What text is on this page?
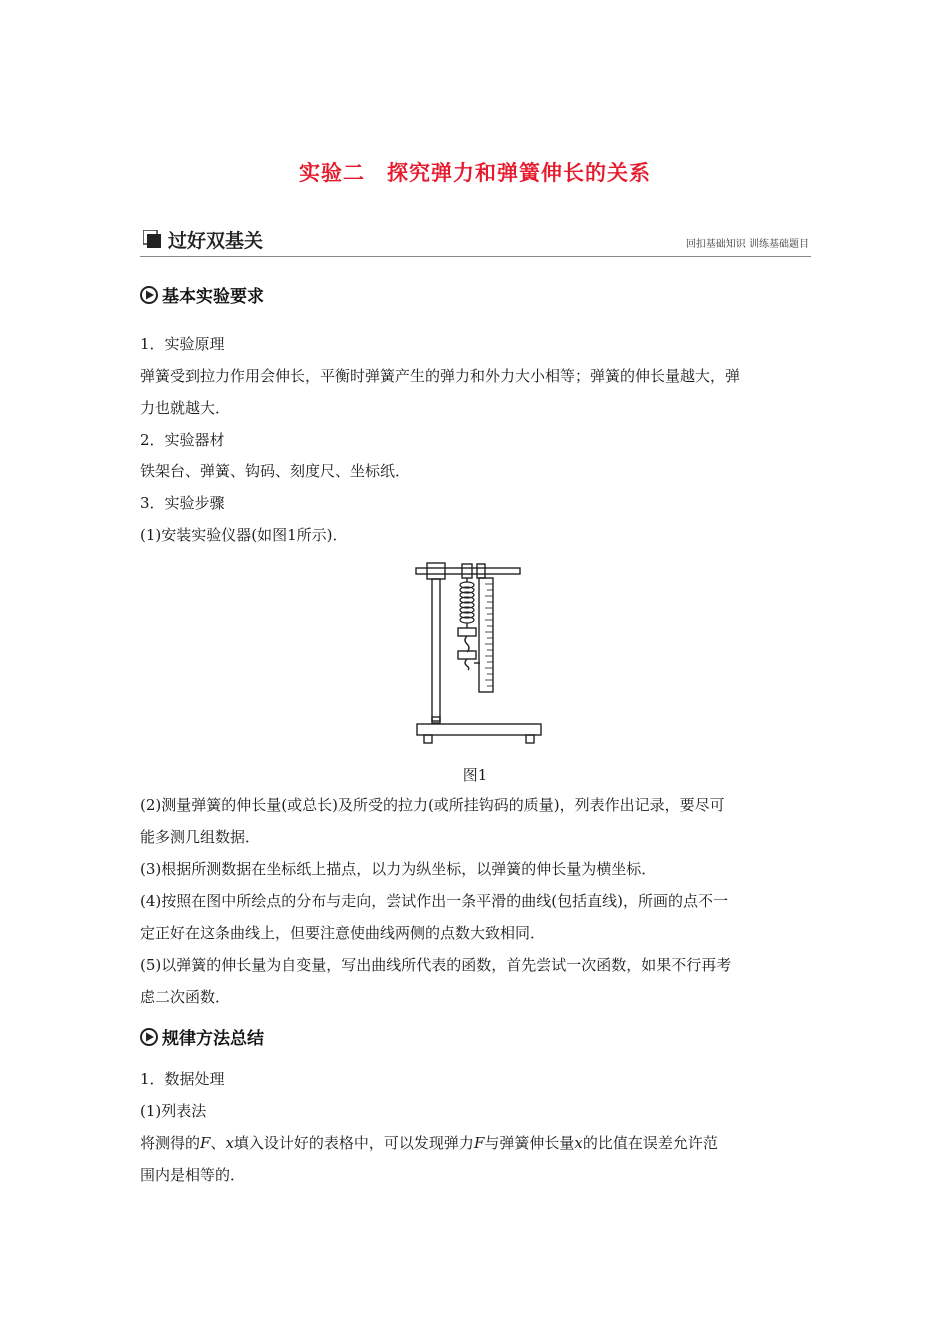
实验二　探究弹力和弹簧伸长的关系
过好双基关	回扣基础知识 训练基础题目
基本实验要求
1．实验原理
弹簧受到拉力作用会伸长，平衡时弹簧产生的弹力和外力大小相等；弹簧的伸长量越大，弹
力也就越大．
2．实验器材
铁架台、弹簧、钩码、刻度尺、坐标纸．
3．实验步骤
(1)安装实验仪器(如图1所示)．
图1
(2)测量弹簧的伸长量(或总长)及所受的拉力(或所挂钩码的质量)，列表作出记录，要尽可
能多测几组数据．
(3)根据所测数据在坐标纸上描点，以力为纵坐标，以弹簧的伸长量为横坐标．
(4)按照在图中所绘点的分布与走向，尝试作出一条平滑的曲线(包括直线)，所画的点不一
定正好在这条曲线上，但要注意使曲线两侧的点数大致相同．
(5)以弹簧的伸长量为自变量，写出曲线所代表的函数，首先尝试一次函数，如果不行再考
虑二次函数．
规律方法总结
1．数据处理
(1)列表法
将测得的F、x填入设计好的表格中，可以发现弹力F与弹簧伸长量x的比值在误差允许范
围内是相等的．
